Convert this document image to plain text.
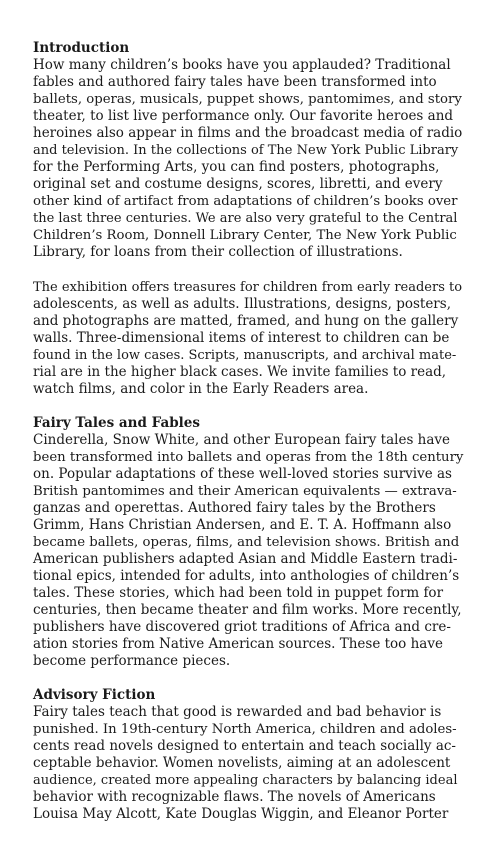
Introduction
How many children’s books have you applauded? Traditional
fables and authored fairy tales have been transformed into
ballets, operas, musicals, puppet shows, pantomimes, and story
theater, to list live performance only. Our favorite heroes and
heroines also appear in films and the broadcast media of radio
and television. In the collections of The New York Public Library
for the Performing Arts, you can find posters, photographs,
original set and costume designs, scores, libretti, and every
other kind of artifact from adaptations of children’s books over
the last three centuries. We are also very grateful to the Central
Children’s Room, Donnell Library Center, The New York Public
Library, for loans from their collection of illustrations.
The exhibition offers treasures for children from early readers to
adolescents, as well as adults. Illustrations, designs, posters,
and photographs are matted, framed, and hung on the gallery
walls. Three-dimensional items of interest to children can be
found in the low cases. Scripts, manuscripts, and archival mate-
rial are in the higher black cases. We invite families to read,
watch films, and color in the Early Readers area.
Fairy Tales and Fables
Cinderella, Snow White, and other European fairy tales have
been transformed into ballets and operas from the 18th century
on. Popular adaptations of these well-loved stories survive as
British pantomimes and their American equivalents — extrava-
ganzas and operettas. Authored fairy tales by the Brothers
Grimm, Hans Christian Andersen, and E. T. A. Hoffmann also
became ballets, operas, films, and television shows. British and
American publishers adapted Asian and Middle Eastern tradi-
tional epics, intended for adults, into anthologies of children’s
tales. These stories, which had been told in puppet form for
centuries, then became theater and film works. More recently,
publishers have discovered griot traditions of Africa and cre-
ation stories from Native American sources. These too have
become performance pieces.
Advisory Fiction
Fairy tales teach that good is rewarded and bad behavior is
punished. In 19th-century North America, children and adoles-
cents read novels designed to entertain and teach socially ac-
ceptable behavior. Women novelists, aiming at an adolescent
audience, created more appealing characters by balancing ideal
behavior with recognizable flaws. The novels of Americans
Louisa May Alcott, Kate Douglas Wiggin, and Eleanor Porter
